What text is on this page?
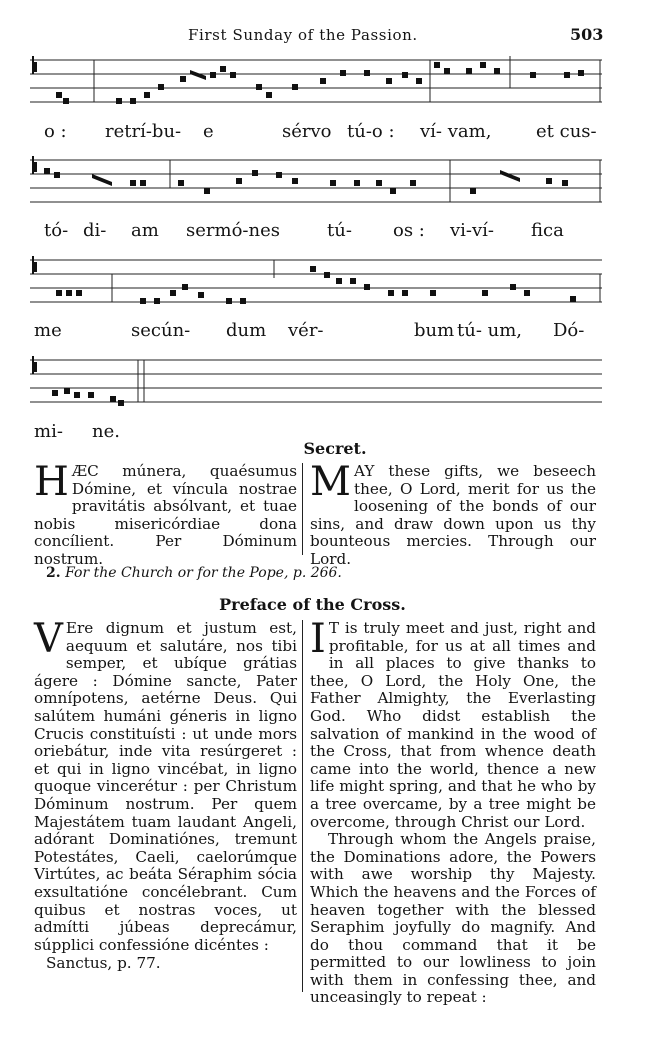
First Sunday of the Passion.	503
o : retrí-bu- e	sérvo tú-o : ví- vam, et cus-
tó- di- am sermó-nes	tú- os : vi-ví- fica
me	secún- dum vér-	bum tú- um, Dó-
mi- ne.
Secret.
HÆC múnera, quaésumus Dómine, et víncula nostrae pravitátis absólvant, et tuae nobis misericórdiae dona concílient. Per Dóminum nostrum.
MAY these gifts, we beseech thee, O Lord, merit for us the loosening of the bonds of our sins, and draw down upon us thy bounteous mercies. Through our Lord.
2. For the Church or for the Pope, p. 266.
Preface of the Cross.
V Ere dignum et justum est, aequum et salutáre, nos tibi semper, et ubíque grátias ágere : Dómine sancte, Pater omnípotens, aetérne Deus. Qui salútem humáni géneris in ligno Crucis constituísti : ut unde mors oriebátur, inde vita resúrgeret : et qui in ligno vincébat, in ligno quoque vincerétur : per Christum Dóminum nostrum. Per quem Majestátem tuam laudant Angeli, adórant Dominatiónes, tremunt Potestátes, Caeli, caelorúmque Virtútes, ac beáta Séraphim sócia exsultatióne concélebrant. Cum quibus et nostras voces, ut admítti júbeas deprecámur, súpplici confessióne dicéntes :
Sanctus, p. 77.
I T is truly meet and just, right and profitable, for us at all times and in all places to give thanks to thee, O Lord, the Holy One, the Father Almighty, the Everlasting God. Who didst establish the salvation of mankind in the wood of the Cross, that from whence death came into the world, thence a new life might spring, and that he who by a tree overcame, by a tree might be overcome, through Christ our Lord.
Through whom the Angels praise, the Dominations adore, the Powers with awe worship thy Majesty. Which the heavens and the Forces of heaven together with the blessed Seraphim joyfully do magnify. And do thou command that it be permitted to our lowliness to join with them in confessing thee, and unceasingly to repeat :
